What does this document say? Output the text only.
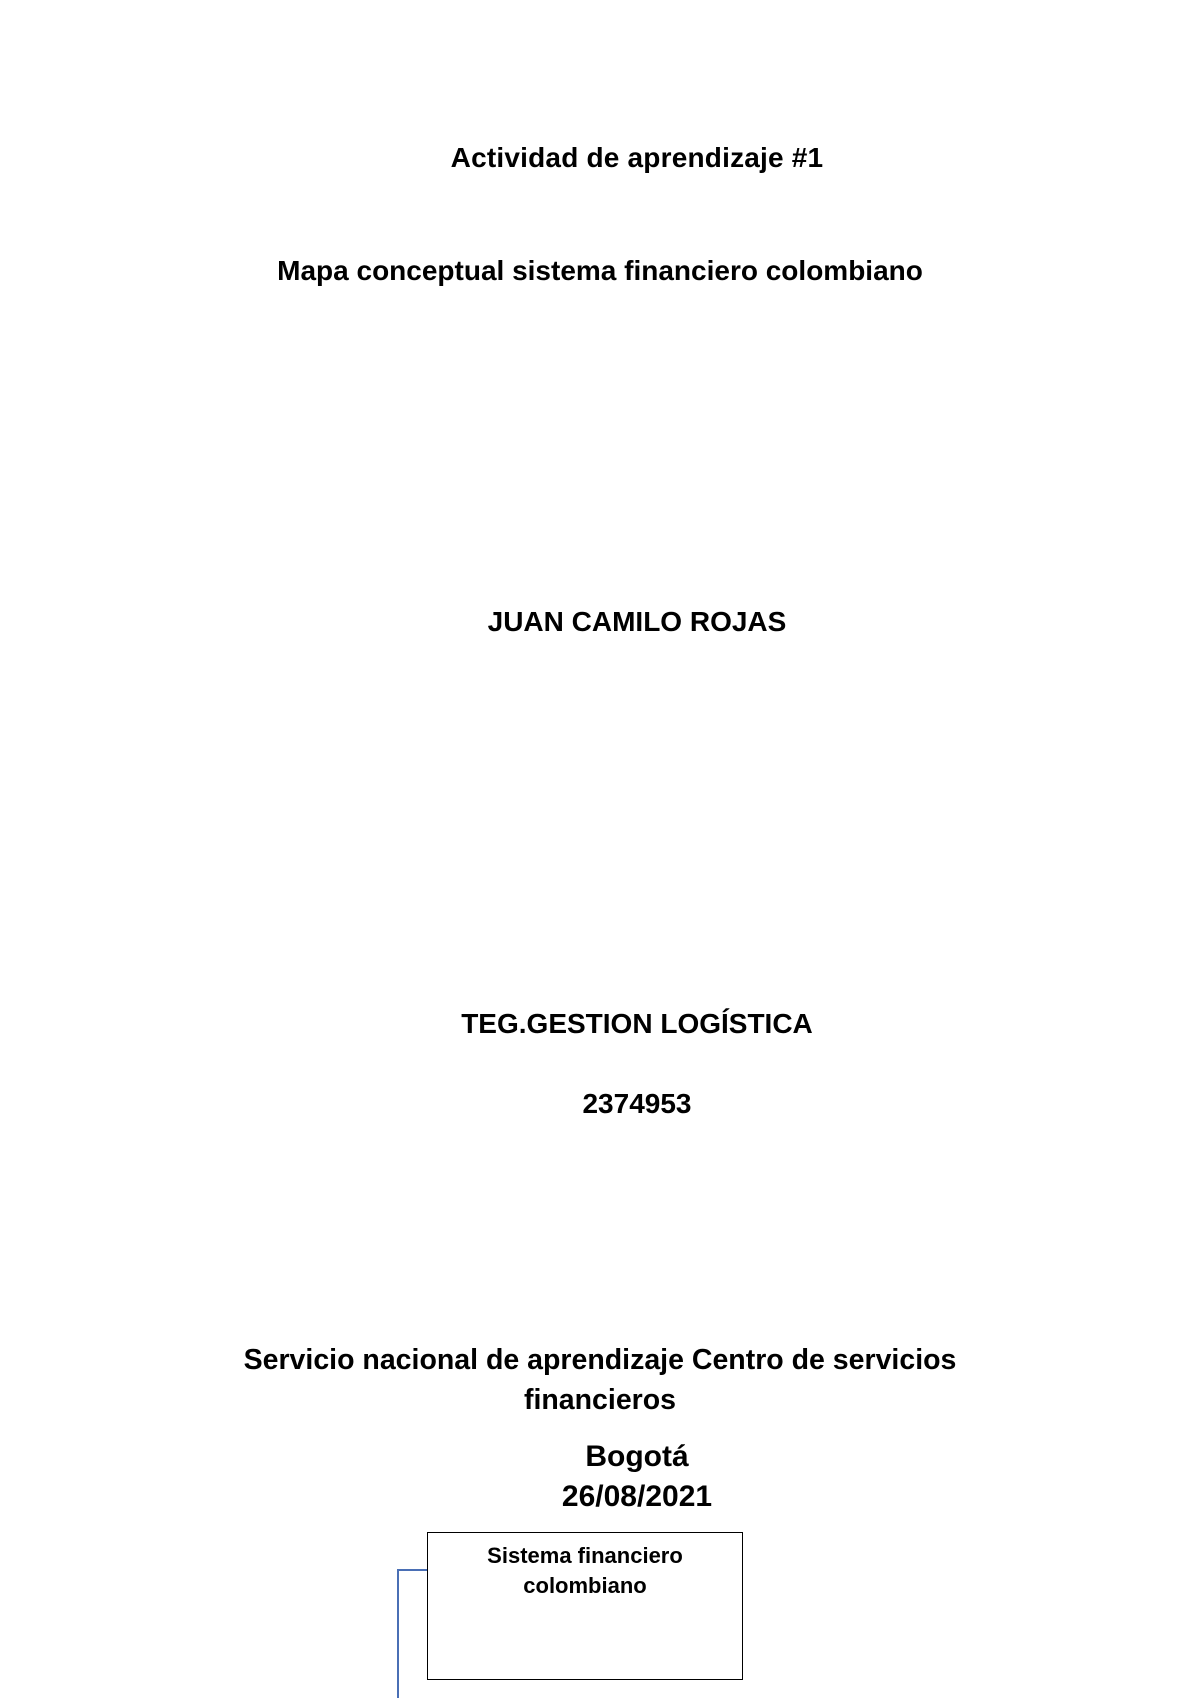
Actividad de aprendizaje #1
Mapa conceptual sistema financiero colombiano
JUAN CAMILO ROJAS
TEG.GESTION LOGÍSTICA
2374953
Servicio nacional de aprendizaje Centro de servicios financieros
Bogotá
26/08/2021
Sistema financiero
colombiano
